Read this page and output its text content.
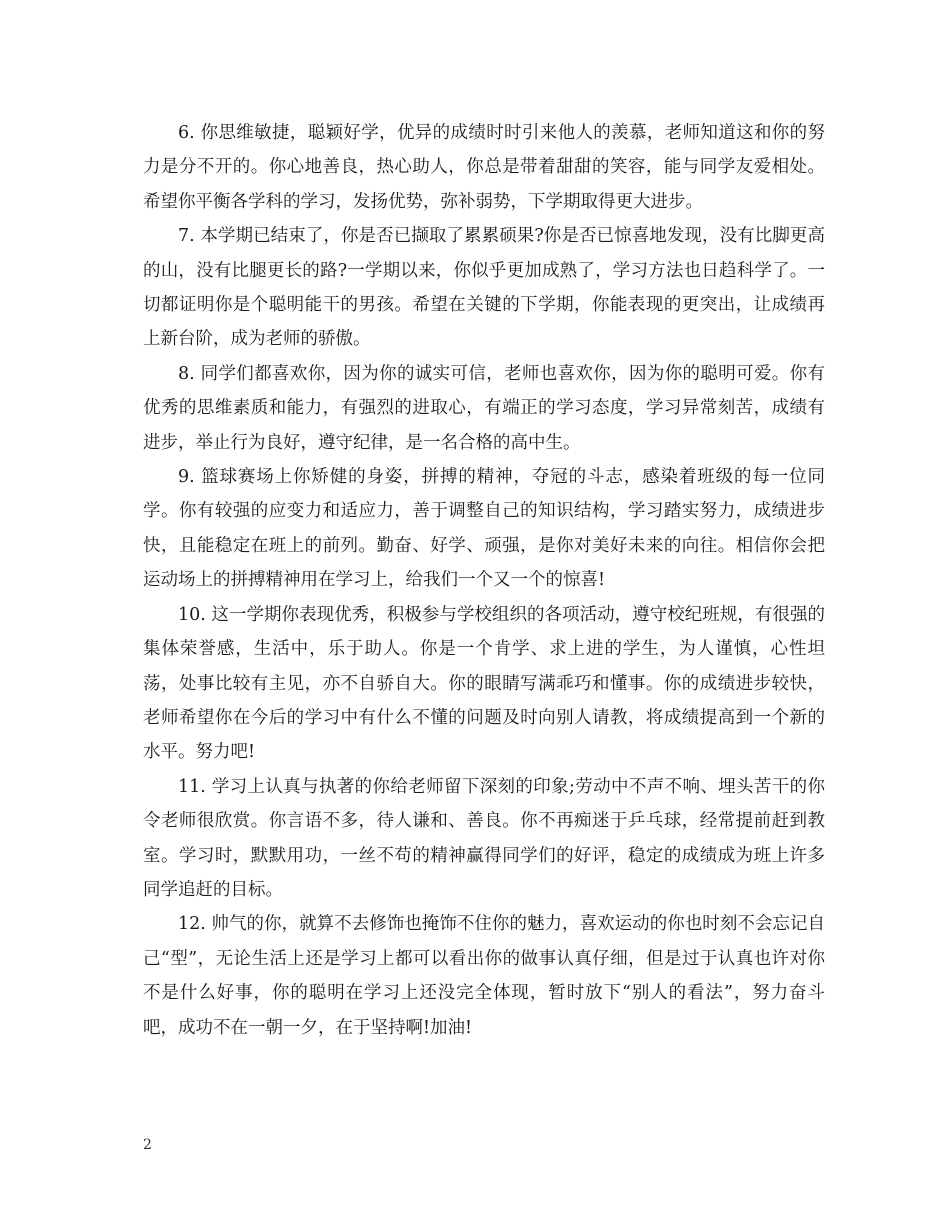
6. 你思维敏捷，聪颖好学，优异的成绩时时引来他人的羡慕，老师知道这和你的努力是分不开的。你心地善良，热心助人，你总是带着甜甜的笑容，能与同学友爱相处。希望你平衡各学科的学习，发扬优势，弥补弱势，下学期取得更大进步。

7. 本学期已结束了，你是否已撷取了累累硕果?你是否已惊喜地发现，没有比脚更高的山，没有比腿更长的路?一学期以来，你似乎更加成熟了，学习方法也日趋科学了。一切都证明你是个聪明能干的男孩。希望在关键的下学期，你能表现的更突出，让成绩再上新台阶，成为老师的骄傲。

8. 同学们都喜欢你，因为你的诚实可信，老师也喜欢你，因为你的聪明可爱。你有优秀的思维素质和能力，有强烈的进取心，有端正的学习态度，学习异常刻苦，成绩有进步，举止行为良好，遵守纪律，是一名合格的高中生。

9. 篮球赛场上你矫健的身姿，拼搏的精神，夺冠的斗志，感染着班级的每一位同学。你有较强的应变力和适应力，善于调整自己的知识结构，学习踏实努力，成绩进步快，且能稳定在班上的前列。勤奋、好学、顽强，是你对美好未来的向往。相信你会把运动场上的拼搏精神用在学习上，给我们一个又一个的惊喜!

10. 这一学期你表现优秀，积极参与学校组织的各项活动，遵守校纪班规，有很强的集体荣誉感，生活中，乐于助人。你是一个肯学、求上进的学生，为人谨慎，心性坦荡，处事比较有主见，亦不自骄自大。你的眼睛写满乖巧和懂事。你的成绩进步较快，老师希望你在今后的学习中有什么不懂的问题及时向别人请教，将成绩提高到一个新的水平。努力吧!

11. 学习上认真与执著的你给老师留下深刻的印象;劳动中不声不响、埋头苦干的你令老师很欣赏。你言语不多，待人谦和、善良。你不再痴迷于乒乓球，经常提前赶到教室。学习时，默默用功，一丝不苟的精神赢得同学们的好评，稳定的成绩成为班上许多同学追赶的目标。

12. 帅气的你，就算不去修饰也掩饰不住你的魅力，喜欢运动的你也时刻不会忘记自己“型”，无论生活上还是学习上都可以看出你的做事认真仔细，但是过于认真也许对你不是什么好事，你的聪明在学习上还没完全体现，暂时放下“别人的看法”，努力奋斗吧，成功不在一朝一夕，在于坚持啊!加油!

2
